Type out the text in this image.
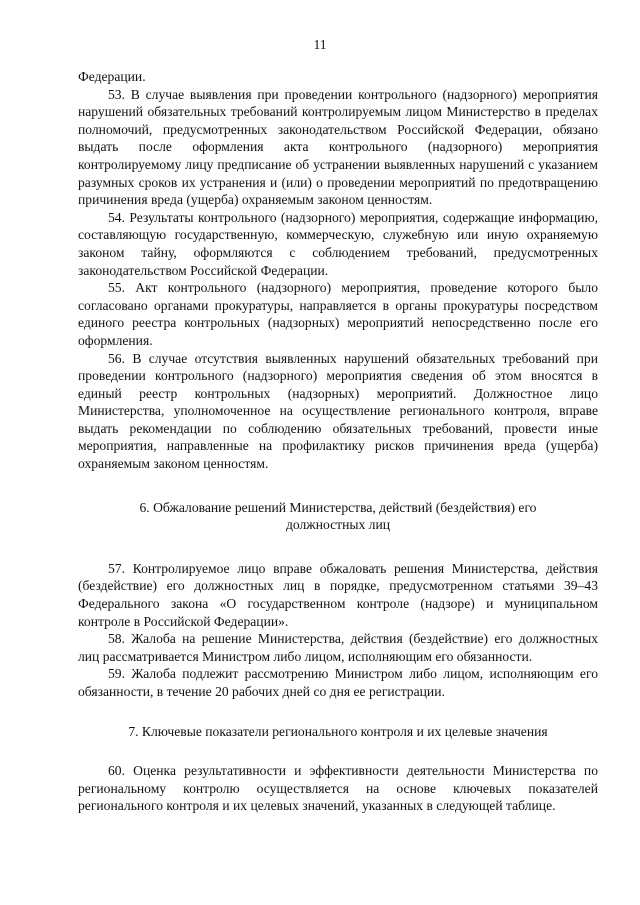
11

Федерации.

53. В случае выявления при проведении контрольного (надзорного) мероприятия нарушений обязательных требований контролируемым лицом Министерство в пределах полномочий, предусмотренных законодательством Российской Федерации, обязано выдать после оформления акта контрольного (надзорного) мероприятия контролируемому лицу предписание об устранении выявленных нарушений с указанием разумных сроков их устранения и (или) о проведении мероприятий по предотвращению причинения вреда (ущерба) охраняемым законом ценностям.

54. Результаты контрольного (надзорного) мероприятия, содержащие информацию, составляющую государственную, коммерческую, служебную или иную охраняемую законом тайну, оформляются с соблюдением требований, предусмотренных законодательством Российской Федерации.

55. Акт контрольного (надзорного) мероприятия, проведение которого было согласовано органами прокуратуры, направляется в органы прокуратуры посредством единого реестра контрольных (надзорных) мероприятий непосредственно после его оформления.

56. В случае отсутствия выявленных нарушений обязательных требований при проведении контрольного (надзорного) мероприятия сведения об этом вносятся в единый реестр контрольных (надзорных) мероприятий. Должностное лицо Министерства, уполномоченное на осуществление регионального контроля, вправе выдать рекомендации по соблюдению обязательных требований, провести иные мероприятия, направленные на профилактику рисков причинения вреда (ущерба) охраняемым законом ценностям.

6. Обжалование решений Министерства, действий (бездействия) его

должностных лиц

57. Контролируемое лицо вправе обжаловать решения Министерства, действия (бездействие) его должностных лиц в порядке, предусмотренном статьями 39–43 Федерального закона «О государственном контроле (надзоре) и муниципальном контроле в Российской Федерации».

58. Жалоба на решение Министерства, действия (бездействие) его должностных лиц рассматривается Министром либо лицом, исполняющим его обязанности.

59. Жалоба подлежит рассмотрению Министром либо лицом, исполняющим его обязанности, в течение 20 рабочих дней со дня ее регистрации.

7. Ключевые показатели регионального контроля и их целевые значения

60. Оценка результативности и эффективности деятельности Министерства по региональному контролю осуществляется на основе ключевых показателей регионального контроля и их целевых значений, указанных в следующей таблице.
